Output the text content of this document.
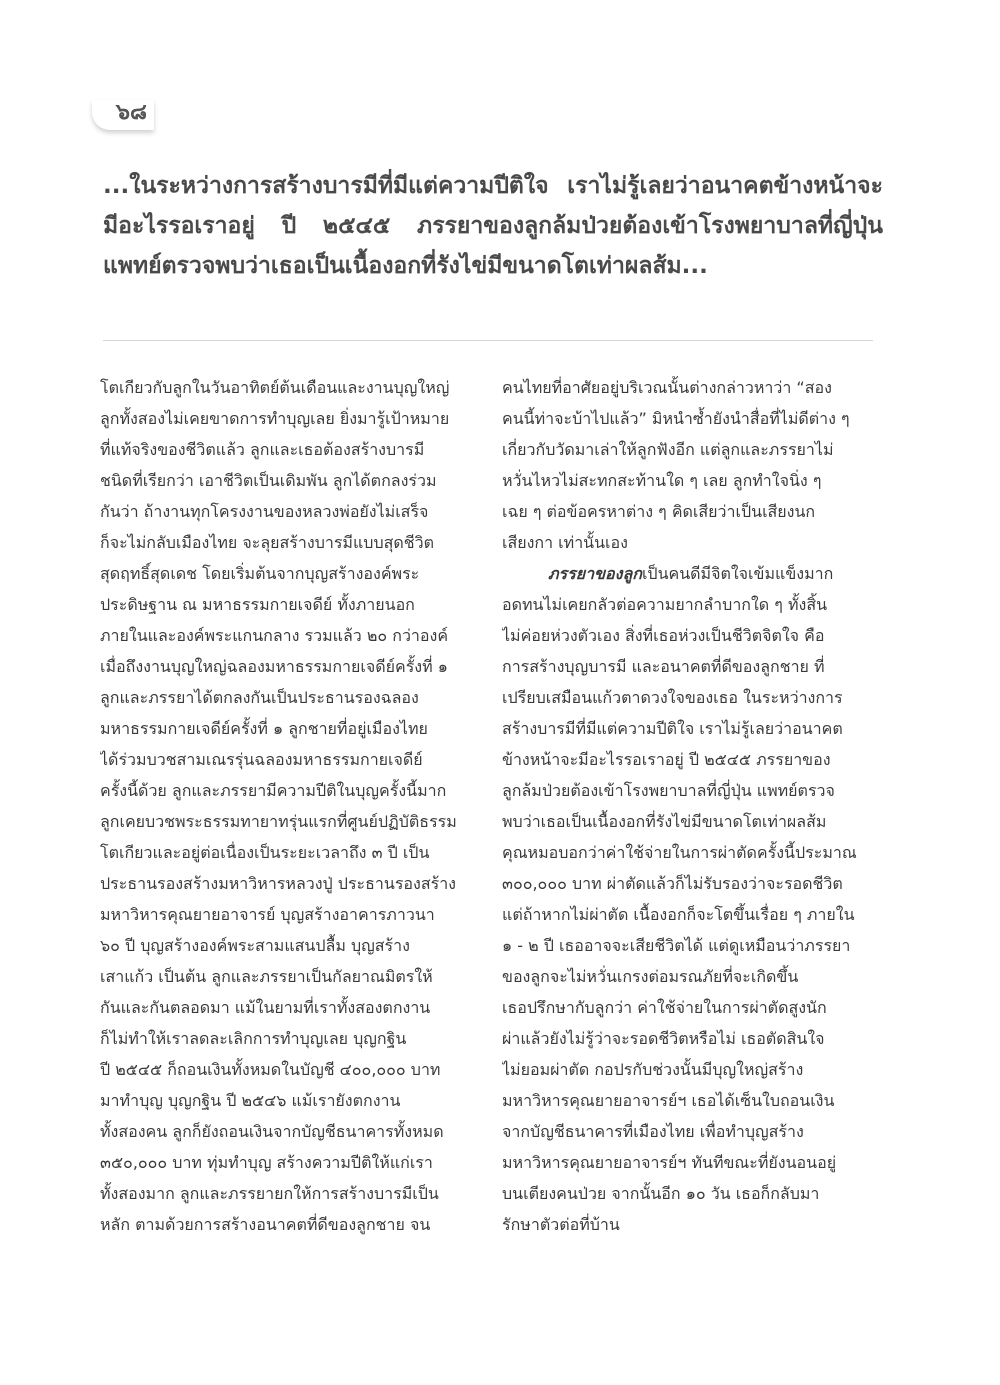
๖๘

...ในระหว่างการสร้างบารมีที่มีแต่ความปีติใจ เราไม่รู้เลยว่าอนาคตข้างหน้าจะมีอะไรรอเราอยู่ ปี ๒๕๔๕ ภรรยาของลูกล้มป่วยต้องเข้าโรงพยาบาลที่ญี่ปุ่น แพทย์ตรวจพบว่าเธอเป็นเนื้องอกที่รังไข่มีขนาดโตเท่าผลส้ม...

โตเกียวกับลูกในวันอาทิตย์ต้นเดือนและงานบุญใหญ่
ลูกทั้งสองไม่เคยขาดการทำบุญเลย ยิ่งมารู้เป้าหมาย
ที่แท้จริงของชีวิตแล้ว ลูกและเธอต้องสร้างบารมี
ชนิดที่เรียกว่า เอาชีวิตเป็นเดิมพัน ลูกได้ตกลงร่วม
กันว่า ถ้างานทุกโครงงานของหลวงพ่อยังไม่เสร็จ
ก็จะไม่กลับเมืองไทย จะลุยสร้างบารมีแบบสุดชีวิต
สุดฤทธิ์สุดเดช โดยเริ่มต้นจากบุญสร้างองค์พระ
ประดิษฐาน ณ มหาธรรมกายเจดีย์ ทั้งภายนอก
ภายในและองค์พระแกนกลาง รวมแล้ว ๒๐ กว่าองค์
เมื่อถึงงานบุญใหญ่ฉลองมหาธรรมกายเจดีย์ครั้งที่ ๑
ลูกและภรรยาได้ตกลงกันเป็นประธานรองฉลอง
มหาธรรมกายเจดีย์ครั้งที่ ๑ ลูกชายที่อยู่เมืองไทย
ได้ร่วมบวชสามเณรรุ่นฉลองมหาธรรมกายเจดีย์
ครั้งนี้ด้วย ลูกและภรรยามีความปีติในบุญครั้งนี้มาก
ลูกเคยบวชพระธรรมทายาทรุ่นแรกที่ศูนย์ปฏิบัติธรรม
โตเกียวและอยู่ต่อเนื่องเป็นระยะเวลาถึง ๓ ปี เป็น
ประธานรองสร้างมหาวิหารหลวงปู่ ประธานรองสร้าง
มหาวิหารคุณยายอาจารย์ บุญสร้างอาคารภาวนา
๖๐ ปี บุญสร้างองค์พระสามแสนปลื้ม บุญสร้าง
เสาแก้ว เป็นต้น ลูกและภรรยาเป็นกัลยาณมิตรให้
กันและกันตลอดมา แม้ในยามที่เราทั้งสองตกงาน
ก็ไม่ทำให้เราลดละเลิกการทำบุญเลย บุญกฐิน
ปี ๒๕๔๕ ก็ถอนเงินทั้งหมดในบัญชี ๔๐๐,๐๐๐ บาท
มาทำบุญ บุญกฐิน ปี ๒๕๔๖ แม้เรายังตกงาน
ทั้งสองคน ลูกก็ยังถอนเงินจากบัญชีธนาคารทั้งหมด
๓๕๐,๐๐๐ บาท ทุ่มทำบุญ สร้างความปีติให้แก่เรา
ทั้งสองมาก ลูกและภรรยายกให้การสร้างบารมีเป็น
หลัก ตามด้วยการสร้างอนาคตที่ดีของลูกชาย จน
คนไทยที่อาศัยอยู่บริเวณนั้นต่างกล่าวหาว่า “สอง
คนนี้ท่าจะบ้าไปแล้ว” มิหนำซ้ำยังนำสื่อที่ไม่ดีต่าง ๆ
เกี่ยวกับวัดมาเล่าให้ลูกฟังอีก แต่ลูกและภรรยาไม่
หวั่นไหวไม่สะทกสะท้านใด ๆ เลย ลูกทำใจนิ่ง ๆ
เฉย ๆ ต่อข้อครหาต่าง ๆ คิดเสียว่าเป็นเสียงนก
เสียงกา เท่านั้นเอง
ภรรยาของลูกเป็นคนดีมีจิตใจเข้มแข็งมาก
อดทนไม่เคยกลัวต่อความยากลำบากใด ๆ ทั้งสิ้น
ไม่ค่อยห่วงตัวเอง สิ่งที่เธอห่วงเป็นชีวิตจิตใจ คือ
การสร้างบุญบารมี และอนาคตที่ดีของลูกชาย ที่
เปรียบเสมือนแก้วตาดวงใจของเธอ ในระหว่างการ
สร้างบารมีที่มีแต่ความปีติใจ เราไม่รู้เลยว่าอนาคต
ข้างหน้าจะมีอะไรรอเราอยู่ ปี ๒๕๔๕ ภรรยาของ
ลูกล้มป่วยต้องเข้าโรงพยาบาลที่ญี่ปุ่น แพทย์ตรวจ
พบว่าเธอเป็นเนื้องอกที่รังไข่มีขนาดโตเท่าผลส้ม
คุณหมอบอกว่าค่าใช้จ่ายในการผ่าตัดครั้งนี้ประมาณ
๓๐๐,๐๐๐ บาท ผ่าตัดแล้วก็ไม่รับรองว่าจะรอดชีวิต
แต่ถ้าหากไม่ผ่าตัด เนื้องอกก็จะโตขึ้นเรื่อย ๆ ภายใน
๑ - ๒ ปี เธออาจจะเสียชีวิตได้ แต่ดูเหมือนว่าภรรยา
ของลูกจะไม่หวั่นเกรงต่อมรณภัยที่จะเกิดขึ้น
เธอปรึกษากับลูกว่า ค่าใช้จ่ายในการผ่าตัดสูงนัก
ผ่าแล้วยังไม่รู้ว่าจะรอดชีวิตหรือไม่ เธอตัดสินใจ
ไม่ยอมผ่าตัด กอปรกับช่วงนั้นมีบุญใหญ่สร้าง
มหาวิหารคุณยายอาจารย์ฯ เธอได้เซ็นใบถอนเงิน
จากบัญชีธนาคารที่เมืองไทย เพื่อทำบุญสร้าง
มหาวิหารคุณยายอาจารย์ฯ ทันทีขณะที่ยังนอนอยู่
บนเตียงคนป่วย จากนั้นอีก ๑๐ วัน เธอก็กลับมา
รักษาตัวต่อที่บ้าน
